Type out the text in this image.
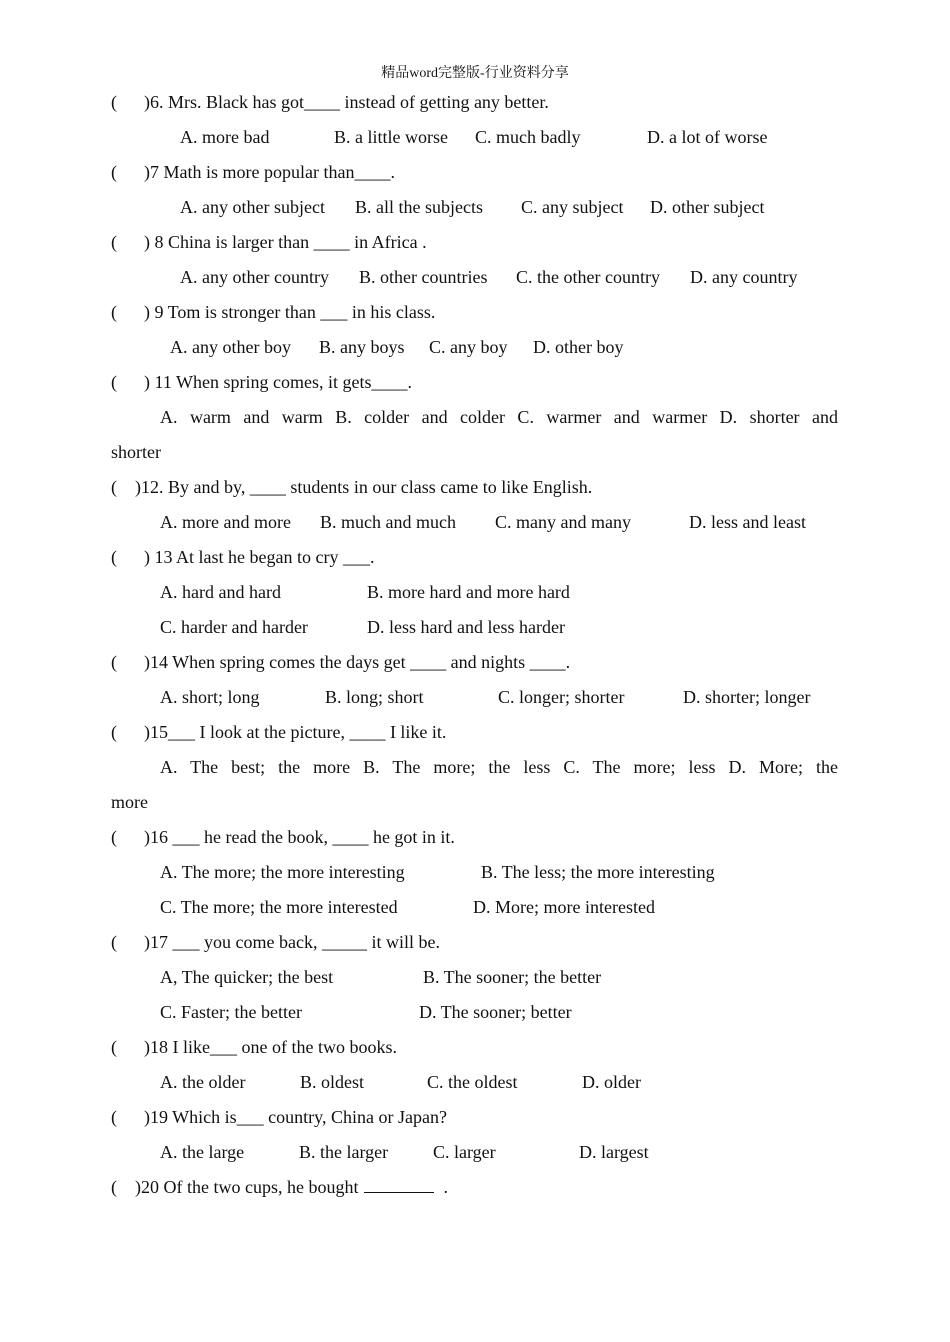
精品word完整版-行业资料分享
(      )6. Mrs. Black has got____ instead of getting any better.
A. more bad	B. a little worse C. much badly	D. a lot of worse
(      )7 Math is more popular than____.
A. any other subject B. all the subjects C. any subject D. other subject
(      ) 8 China is larger than ____ in Africa .
A. any other country B. other countries C. the other country D. any country
(      ) 9 Tom is stronger than ___ in his class.
A. any other boy B. any boys C. any boy D. other boy
(      ) 11 When spring comes, it gets____.
A. warm and warm B. colder and colder C. warmer and warmer D. shorter and
shorter
(    )12. By and by, ____ students in our class came to like English.
A. more and more B. much and much C. many and many	D. less and least
(      ) 13 At last he began to cry ___.
A. hard and hard	B. more hard and more hard
C. harder and harder	D. less hard and less harder
(      )14 When spring comes the days get ____ and nights ____.
A. short; long	B. long; short	C. longer; shorter	D. shorter; longer
(      )15___ I look at the picture, ____ I like it.
A. The best; the more B. The more; the less C. The more; less D. More; the
more
(      )16 ___ he read the book, ____ he got in it.
A. The more; the more interesting	B. The less; the more interesting
C. The more; the more interested	D. More; more interested
(      )17 ___ you come back, _____ it will be.
A, The quicker; the best	B. The sooner; the better
C. Faster; the better	D. The sooner; better
(      )18 I like___ one of the two books.
A. the older	B. oldest	C. the oldest	D. older
(      )19 Which is___ country, China or Japan?
A. the large	B. the larger C. larger	D. largest
(    )20 Of the two cups, he bought	.
